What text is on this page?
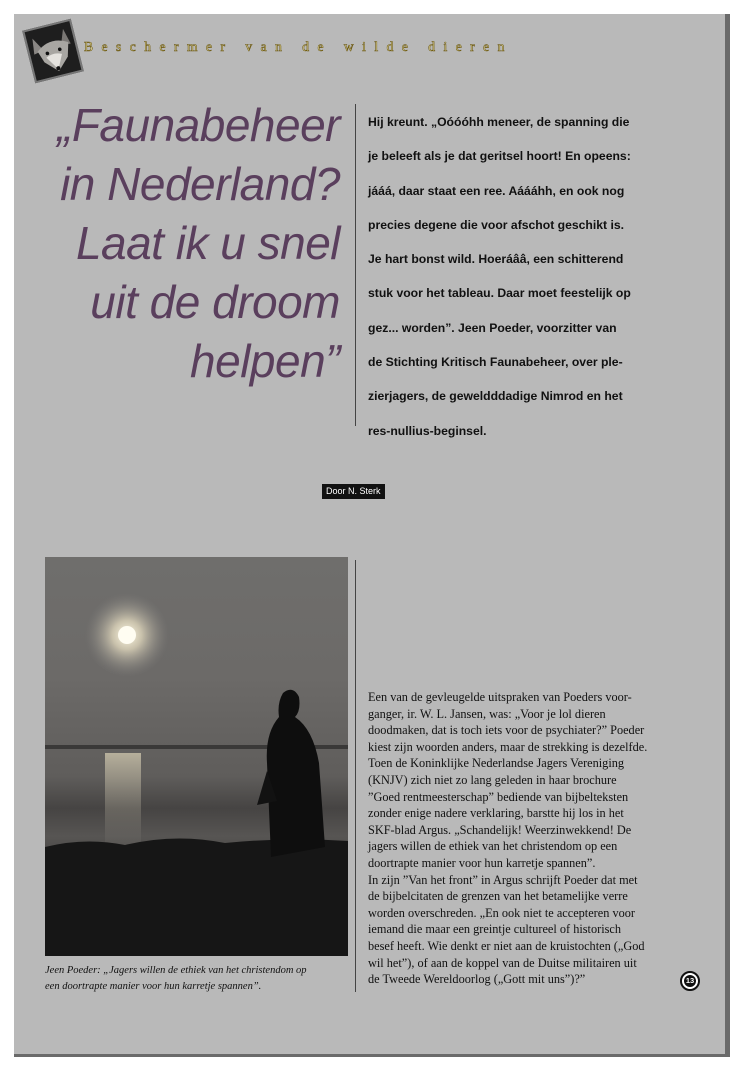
Beschermer van de wilde dieren
„Faunabeheer
in Nederland?
Laat ik u snel
uit de droom
helpen”
Hij kreunt. „Oóóóhh meneer, de spanning die
je beleeft als je dat geritsel hoort! En opeens:
jááá, daar staat een ree. Aáááhh, en ook nog
precies degene die voor afschot geschikt is.
Je hart bonst wild. Hoeráââ, een schitterend
stuk voor het tableau. Daar moet feestelijk op
gez... worden”. Jeen Poeder, voorzitter van
de Stichting Kritisch Faunabeheer, over ple-
zierjagers, de geweldddadige Nimrod en het
res-nullius-beginsel.
Door N. Sterk
Jeen Poeder: „Jagers willen de ethiek van het christendom op
een doortrapte manier voor hun karretje spannen”.
Een van de gevleugelde uitspraken van Poeders voor-
ganger, ir. W. L. Jansen, was: „Voor je lol dieren
doodmaken, dat is toch iets voor de psychiater?” Poeder
kiest zijn woorden anders, maar de strekking is dezelfde.
Toen de Koninklijke Nederlandse Jagers Vereniging
(KNJV) zich niet zo lang geleden in haar brochure
”Goed rentmeesterschap” bediende van bijbelteksten
zonder enige nadere verklaring, barstte hij los in het
SKF-blad Argus. „Schandelijk! Weerzinwekkend! De
jagers willen de ethiek van het christendom op een
doortrapte manier voor hun karretje spannen”.
In zijn ”Van het front” in Argus schrijft Poeder dat met
de bijbelcitaten de grenzen van het betamelijke verre
worden overschreden. „En ook niet te accepteren voor
iemand die maar een greintje cultureel of historisch
besef heeft. Wie denkt er niet aan de kruistochten („God
wil het”), of aan de koppel van de Duitse militairen uit
de Tweede Wereldoorlog („Gott mit uns”)?”	13
